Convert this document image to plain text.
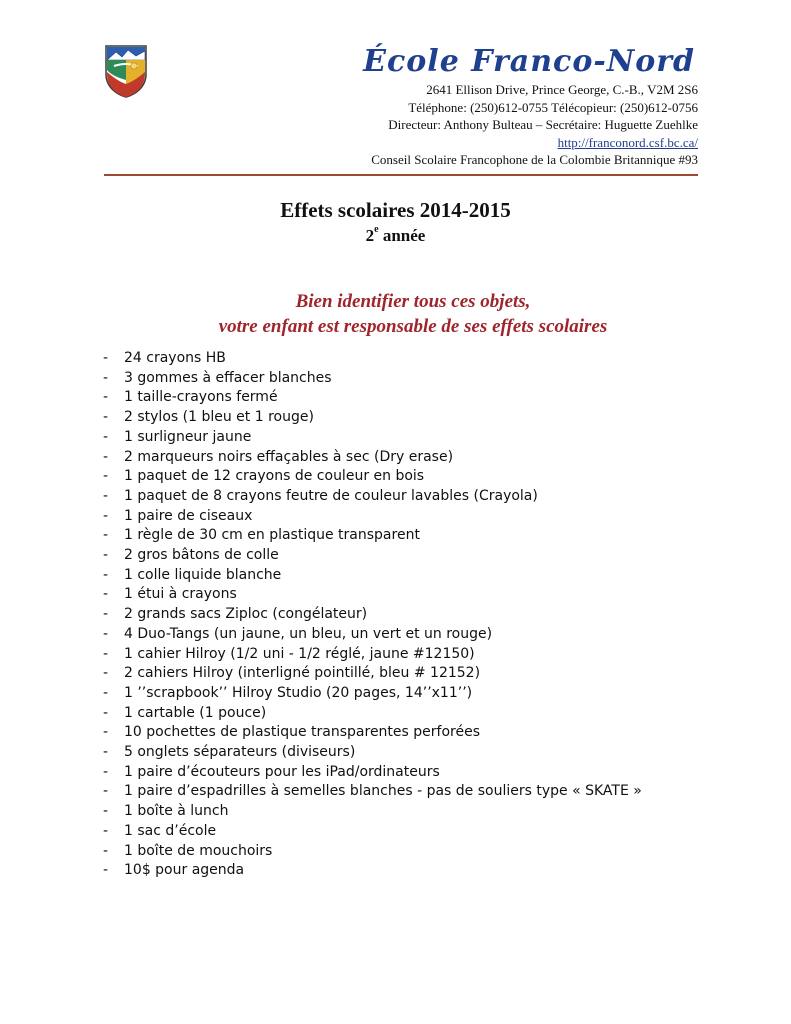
École Franco-Nord
2641 Ellison Drive, Prince George, C.-B., V2M 2S6
Téléphone: (250)612-0755 Télécopieur: (250)612-0756
Directeur: Anthony Bulteau – Secrétaire: Huguette Zuehlke
http://franconord.csf.bc.ca/
Conseil Scolaire Francophone de la Colombie Britannique #93
Effets scolaires 2014-2015
2e année
Bien identifier tous ces objets,
votre enfant est responsable de ses effets scolaires
-	24 crayons HB
-	3 gommes à effacer blanches
-	1 taille-crayons fermé
-	2 stylos (1 bleu et 1 rouge)
-	1 surligneur jaune
-	2 marqueurs noirs effaçables à sec (Dry erase)
-	1 paquet de 12 crayons de couleur en bois
-	1 paquet de 8 crayons feutre de couleur lavables (Crayola)
-	1 paire de ciseaux
-	1 règle de 30 cm en plastique transparent
-	2 gros bâtons de colle
-	1 colle liquide blanche
-	1 étui à crayons
-	2 grands sacs Ziploc (congélateur)
-	4 Duo-Tangs (un jaune, un bleu, un vert et un rouge)
-	1 cahier Hilroy (1/2 uni - 1/2 réglé, jaune #12150)
-	2 cahiers Hilroy (interligné pointillé, bleu # 12152)
-	1 ’’scrapbook’’ Hilroy Studio (20 pages, 14’’x11’’)
-	1 cartable (1 pouce)
-	10 pochettes de plastique transparentes perforées
-	5 onglets séparateurs (diviseurs)
-	1 paire d’écouteurs pour les iPad/ordinateurs
-	1 paire d’espadrilles à semelles blanches - pas de souliers type « SKATE »
-	1 boîte à lunch
-	1 sac d’école
-	1 boîte de mouchoirs
-	10$ pour agenda
